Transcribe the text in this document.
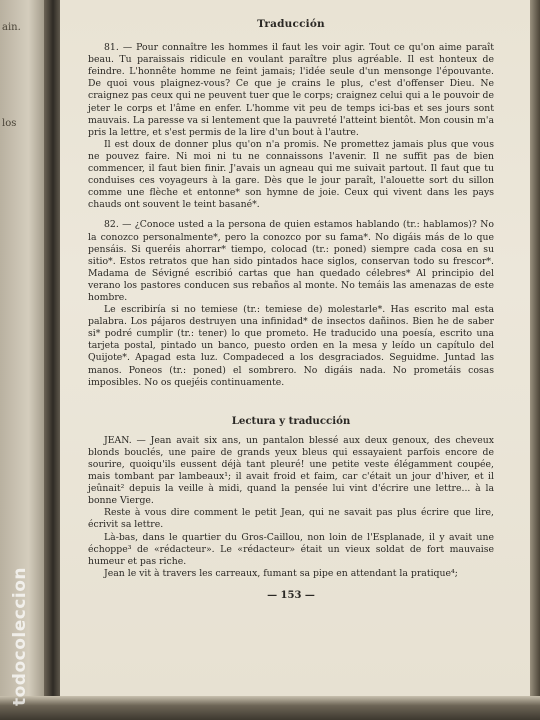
ain.
los
Traducción

81. — Pour connaître les hommes il faut les voir agir. Tout ce qu'on aime paraît beau. Tu paraissais ridicule en voulant paraître plus agréable. Il est honteux de feindre. L'honnête homme ne feint jamais; l'idée seule d'un mensonge l'épouvante. De quoi vous plaignez-vous? Ce que je crains le plus, c'est d'offenser Dieu. Ne craignez pas ceux qui ne peuvent tuer que le corps; craignez celui qui a le pouvoir de jeter le corps et l'âme en enfer. L'homme vit peu de temps ici-bas et ses jours sont mauvais. La paresse va si lentement que la pauvreté l'atteint bientôt. Mon cousin m'a pris la lettre, et s'est permis de la lire d'un bout à l'autre.

Il est doux de donner plus qu'on n'a promis. Ne promettez jamais plus que vous ne pouvez faire. Ni moi ni tu ne connaissons l'avenir. Il ne suffit pas de bien commencer, il faut bien finir. J'avais un agneau qui me suivait partout. Il faut que tu conduises ces voyageurs à la gare. Dès que le jour paraît, l'alouette sort du sillon comme une flèche et entonne* son hymne de joie. Ceux qui vivent dans les pays chauds ont souvent le teint basané*.

82. — ¿Conoce usted a la persona de quien estamos hablando (tr.: hablamos)? No la conozco personalmente*, pero la conozco por su fama*. No digáis más de lo que pensáis. Si queréis ahorrar* tiempo, colocad (tr.: poned) siempre cada cosa en su sitio*. Estos retratos que han sido pintados hace siglos, conservan todo su frescor*. Madama de Sévigné escribió cartas que han quedado célebres* Al principio del verano los pastores conducen sus rebaños al monte. No temáis las amenazas de este hombre.

Le escribiría si no temiese (tr.: temiese de) molestarle*. Has escrito mal esta palabra. Los pájaros destruyen una infinidad* de insectos dañinos. Bien he de saber si* podré cumplir (tr.: tener) lo que prometo. He traducido una poesía, escrito una tarjeta postal, pintado un banco, puesto orden en la mesa y leído un capítulo del Quijote*. Apagad esta luz. Compadeced a los desgraciados. Seguidme. Juntad las manos. Poneos (tr.: poned) el sombrero. No digáis nada. No prometáis cosas imposibles. No os quejéis continuamente.

Lectura y traducción

JEAN. — Jean avait six ans, un pantalon blessé aux deux genoux, des cheveux blonds bouclés, une paire de grands yeux bleus qui essayaient parfois encore de sourire, quoiqu'ils eussent déjà tant pleuré! une petite veste élégamment coupée, mais tombant par lambeaux¹; il avait froid et faim, car c'était un jour d'hiver, et il jeûnait² depuis la veille à midi, quand la pensée lui vint d'écrire une lettre... à la bonne Vierge.

Reste à vous dire comment le petit Jean, qui ne savait pas plus écrire que lire, écrivit sa lettre.

Là-bas, dans le quartier du Gros-Caillou, non loin de l'Esplanade, il y avait une échoppe³ de «rédacteur». Le «rédacteur» était un vieux soldat de fort mauvaise humeur et pas riche.

Jean le vit à travers les carreaux, fumant sa pipe en attendant la pratique⁴;

— 153 —
todocoleccion
